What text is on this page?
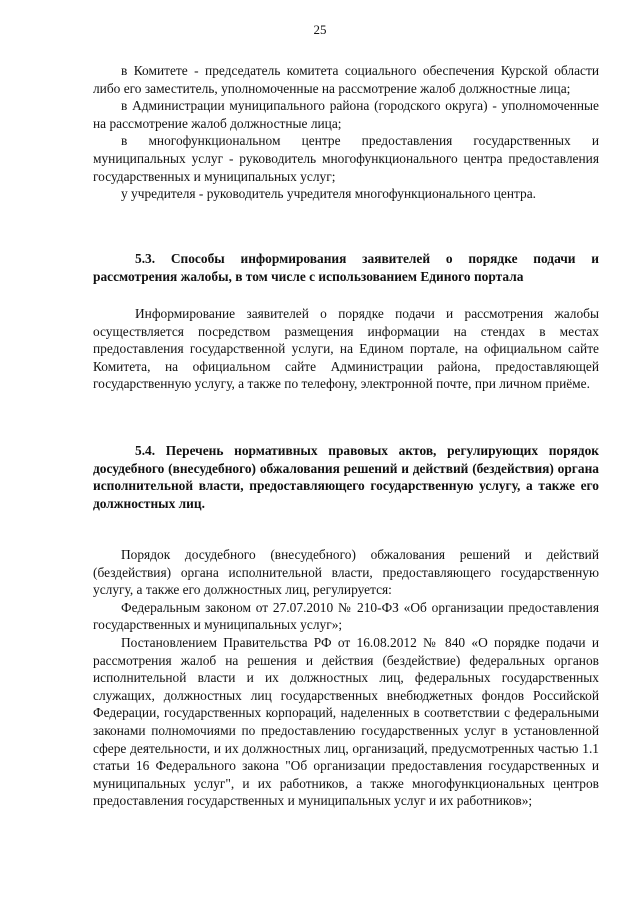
25

в Комитете - председатель комитета социального обеспечения Курской области либо его заместитель, уполномоченные на рассмотрение жалоб должностные лица;

в Администрации муниципального района (городского округа) - уполномоченные на рассмотрение жалоб должностные лица;

в многофункциональном центре предоставления государственных и муниципальных услуг - руководитель многофункционального центра предоставления государственных и муниципальных услуг;

у учредителя - руководитель учредителя многофункционального центра.

5.3. Способы информирования заявителей о порядке подачи и рассмотрения жалобы, в том числе с использованием Единого портала

Информирование заявителей о порядке подачи и рассмотрения жалобы осуществляется посредством размещения информации на стендах в местах предоставления государственной услуги, на Едином портале, на официальном сайте Комитета, на официальном сайте Администрации района, предоставляющей государственную услугу, а также по телефону, электронной почте, при личном приёме.

5.4. Перечень нормативных правовых актов, регулирующих порядок досудебного (внесудебного) обжалования решений и действий (бездействия) органа исполнительной власти, предоставляющего государственную услугу, а также его должностных лиц.

Порядок досудебного (внесудебного) обжалования решений и действий (бездействия) органа исполнительной власти, предоставляющего государственную услугу, а также его должностных лиц, регулируется:

Федеральным законом от 27.07.2010 № 210-ФЗ «Об организации предоставления государственных и муниципальных услуг»;

Постановлением Правительства РФ от 16.08.2012 № 840 «О порядке подачи и рассмотрения жалоб на решения и действия (бездействие) федеральных органов исполнительной власти и их должностных лиц, федеральных государственных служащих, должностных лиц государственных внебюджетных фондов Российской Федерации, государственных корпораций, наделенных в соответствии с федеральными законами полномочиями по предоставлению государственных услуг в установленной сфере деятельности, и их должностных лиц, организаций, предусмотренных частью 1.1 статьи 16 Федерального закона "Об организации предоставления государственных и муниципальных услуг", и их работников, а также многофункциональных центров предоставления государственных и муниципальных услуг и их работников»;
